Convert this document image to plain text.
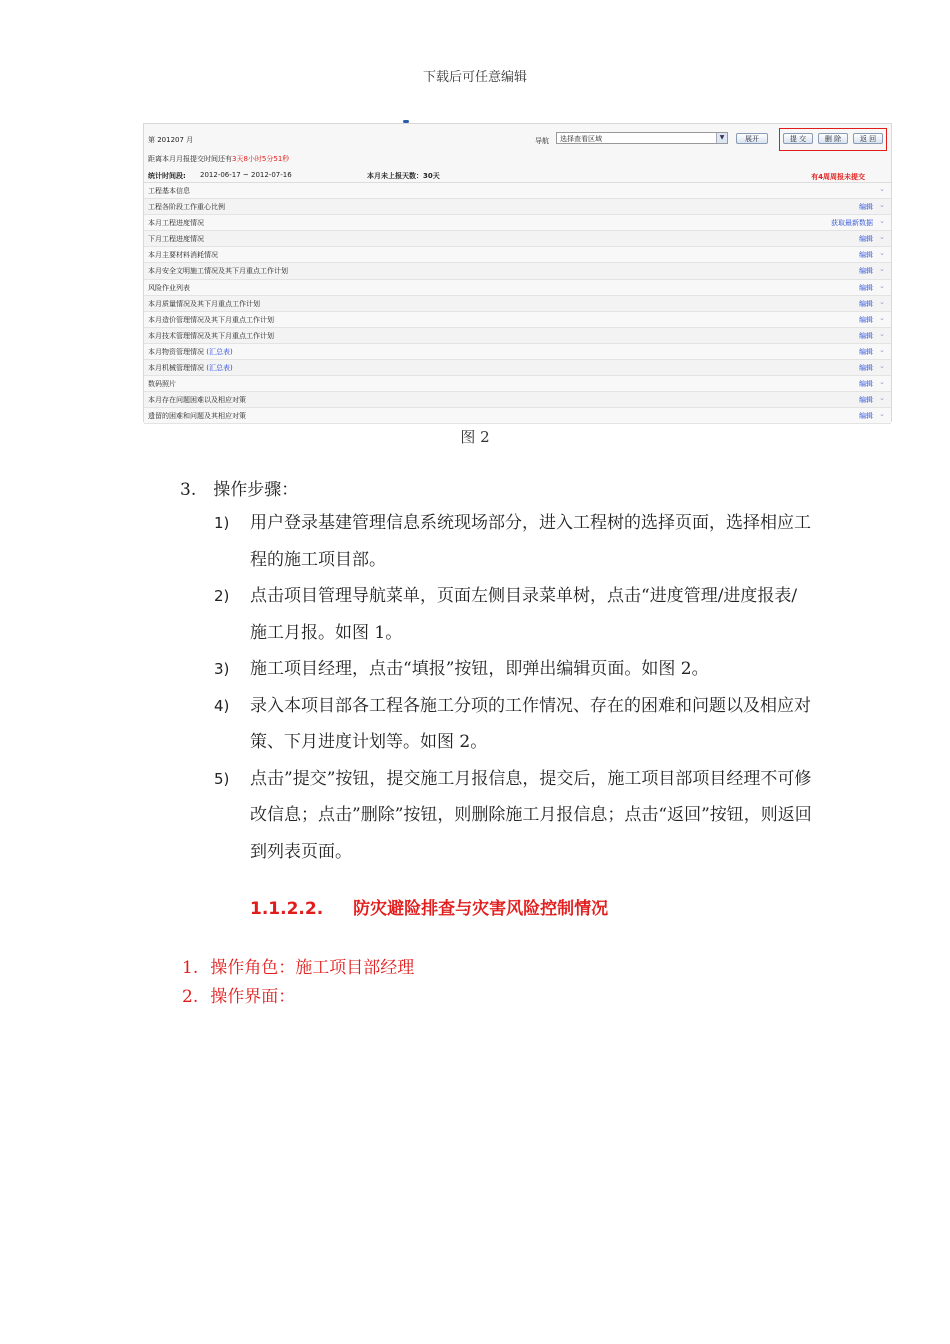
下载后可任意编辑
第 201207 月	导航	选择查看区域	▼	展开	提 交	删 除	返 回
距离本月月报提交时间还有3天8小时5分51秒
统计时间段: 2012-06-17 ~ 2012-07-16	本月未上报天数：30天	有4周周报未提交
工程基本信息	⌄
工程各阶段工作重心比例	编辑 ⌄
本月工程进度情况	获取最新数据 ⌄
下月工程进度情况	编辑 ⌄
本月主要材料消耗情况	编辑 ⌄
本月安全文明施工情况及其下月重点工作计划	编辑 ⌄
风险作业列表	编辑 ⌄
本月质量情况及其下月重点工作计划	编辑 ⌄
本月造价管理情况及其下月重点工作计划	编辑 ⌄
本月技术管理情况及其下月重点工作计划	编辑 ⌄
本月物资管理情况 (汇总表)	编辑 ⌄
本月机械管理情况 (汇总表)	编辑 ⌄
数码照片	编辑 ⌄
本月存在问题困难以及相应对策	编辑 ⌄
遗留的困难和问题及其相应对策	编辑 ⌄
图 2
3.　操作步骤：
1) 用户登录基建管理信息系统现场部分，进入工程树的选择页面，选择相应工程的施工项目部。
2) 点击项目管理导航菜单，页面左侧目录菜单树，点击“进度管理/进度报表/施工月报。如图 1。
3) 施工项目经理，点击“填报”按钮，即弹出编辑页面。如图 2。
4) 录入本项目部各工程各施工分项的工作情况、存在的困难和问题以及相应对策、下月进度计划等。如图 2。
5) 点击”提交”按钮，提交施工月报信息，提交后，施工项目部项目经理不可修改信息；点击”删除”按钮，则删除施工月报信息；点击“返回”按钮，则返回到列表页面。
1.1.2.2. 防灾避险排查与灾害风险控制情况
1. 操作角色：施工项目部经理
2. 操作界面：
